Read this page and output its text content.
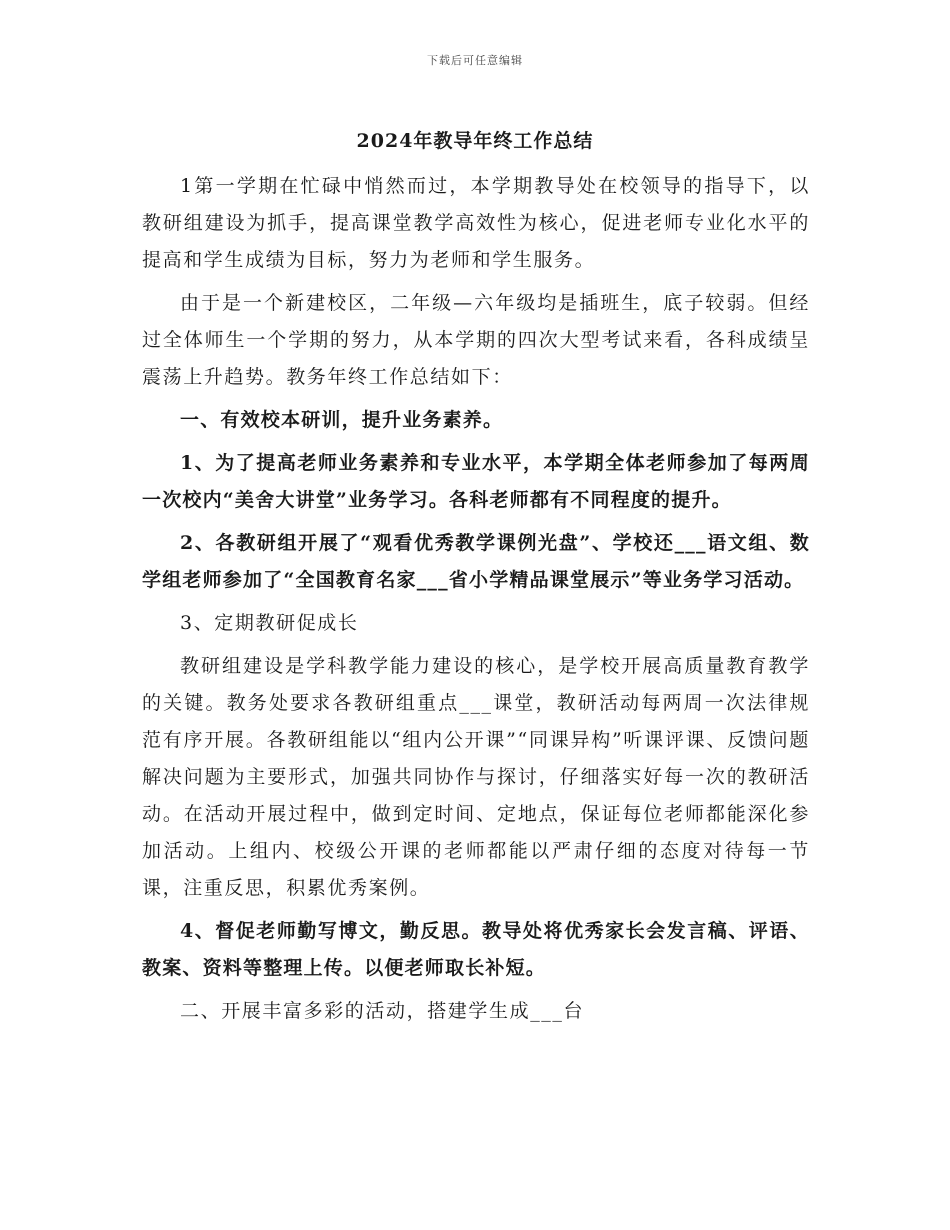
下载后可任意编辑
2024年教导年终工作总结

1第一学期在忙碌中悄然而过，本学期教导处在校领导的指导下，以教研组建设为抓手，提高课堂教学高效性为核心，促进老师专业化水平的提高和学生成绩为目标，努力为老师和学生服务。

由于是一个新建校区，二年级—六年级均是插班生，底子较弱。但经过全体师生一个学期的努力，从本学期的四次大型考试来看，各科成绩呈震荡上升趋势。教务年终工作总结如下：

一、有效校本研训，提升业务素养。

1、为了提高老师业务素养和专业水平，本学期全体老师参加了每两周一次校内“美舍大讲堂”业务学习。各科老师都有不同程度的提升。

2、各教研组开展了“观看优秀教学课例光盘”、学校还___语文组、数学组老师参加了“全国教育名家___省小学精品课堂展示”等业务学习活动。

3、定期教研促成长

教研组建设是学科教学能力建设的核心，是学校开展高质量教育教学的关键。教务处要求各教研组重点___课堂，教研活动每两周一次法律规范有序开展。各教研组能以“组内公开课”“同课异构”听课评课、反馈问题解决问题为主要形式，加强共同协作与探讨，仔细落实好每一次的教研活动。在活动开展过程中，做到定时间、定地点，保证每位老师都能深化参加活动。上组内、校级公开课的老师都能以严肃仔细的态度对待每一节课，注重反思，积累优秀案例。

4、督促老师勤写博文，勤反思。教导处将优秀家长会发言稿、评语、教案、资料等整理上传。以便老师取长补短。

二、开展丰富多彩的活动，搭建学生成___台
